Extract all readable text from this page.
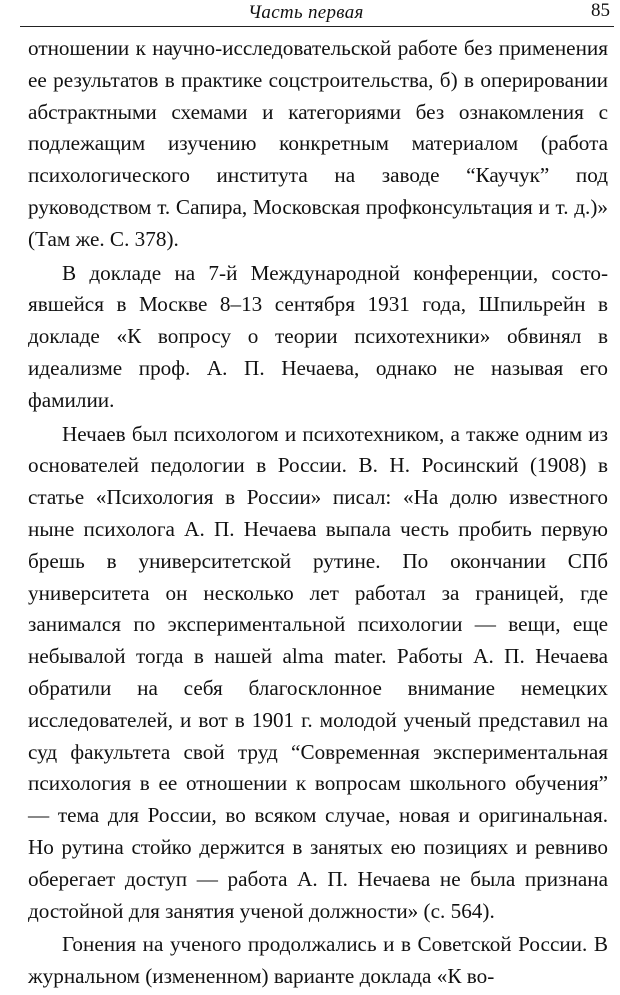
Часть первая	85

отношении к научно-исследовательской работе без применения ее результатов в практике соцстроительства, б) в оперировании абстрактными схемами и категориями без ознакомления с подлежащим изучению конкретным материалом (работа психологического института на заводе “Каучук” под руководством т. Сапира, Московская профконсультация и т. д.)» (Там же. С. 378).

В докладе на 7-й Международной конференции, состоявшейся в Москве 8–13 сентября 1931 года, Шпильрейн в докладе «К вопросу о теории психотехники» обвинял в идеализме проф. А. П. Нечаева, однако не называя его фамилии.

Нечаев был психологом и психотехником, а также одним из основателей педологии в России. В. Н. Росинский (1908) в статье «Психология в России» писал: «На долю известного ныне психолога А. П. Нечаева выпала честь пробить первую брешь в университетской рутине. По окончании СПб университета он несколько лет работал за границей, где занимался по экспериментальной психологии — вещи, еще небывалой тогда в нашей alma mater. Работы А. П. Нечаева обратили на себя благосклонное внимание немецких исследователей, и вот в 1901 г. молодой ученый представил на суд факультета свой труд “Современная экспериментальная психология в ее отношении к вопросам школьного обучения” — тема для России, во всяком случае, новая и оригинальная. Но рутина стойко держится в занятых ею позициях и ревниво оберегает доступ — работа А. П. Нечаева не была признана достойной для занятия ученой должности» (с. 564).

Гонения на ученого продолжались и в Советской России. В журнальном (измененном) варианте доклада «К во-
